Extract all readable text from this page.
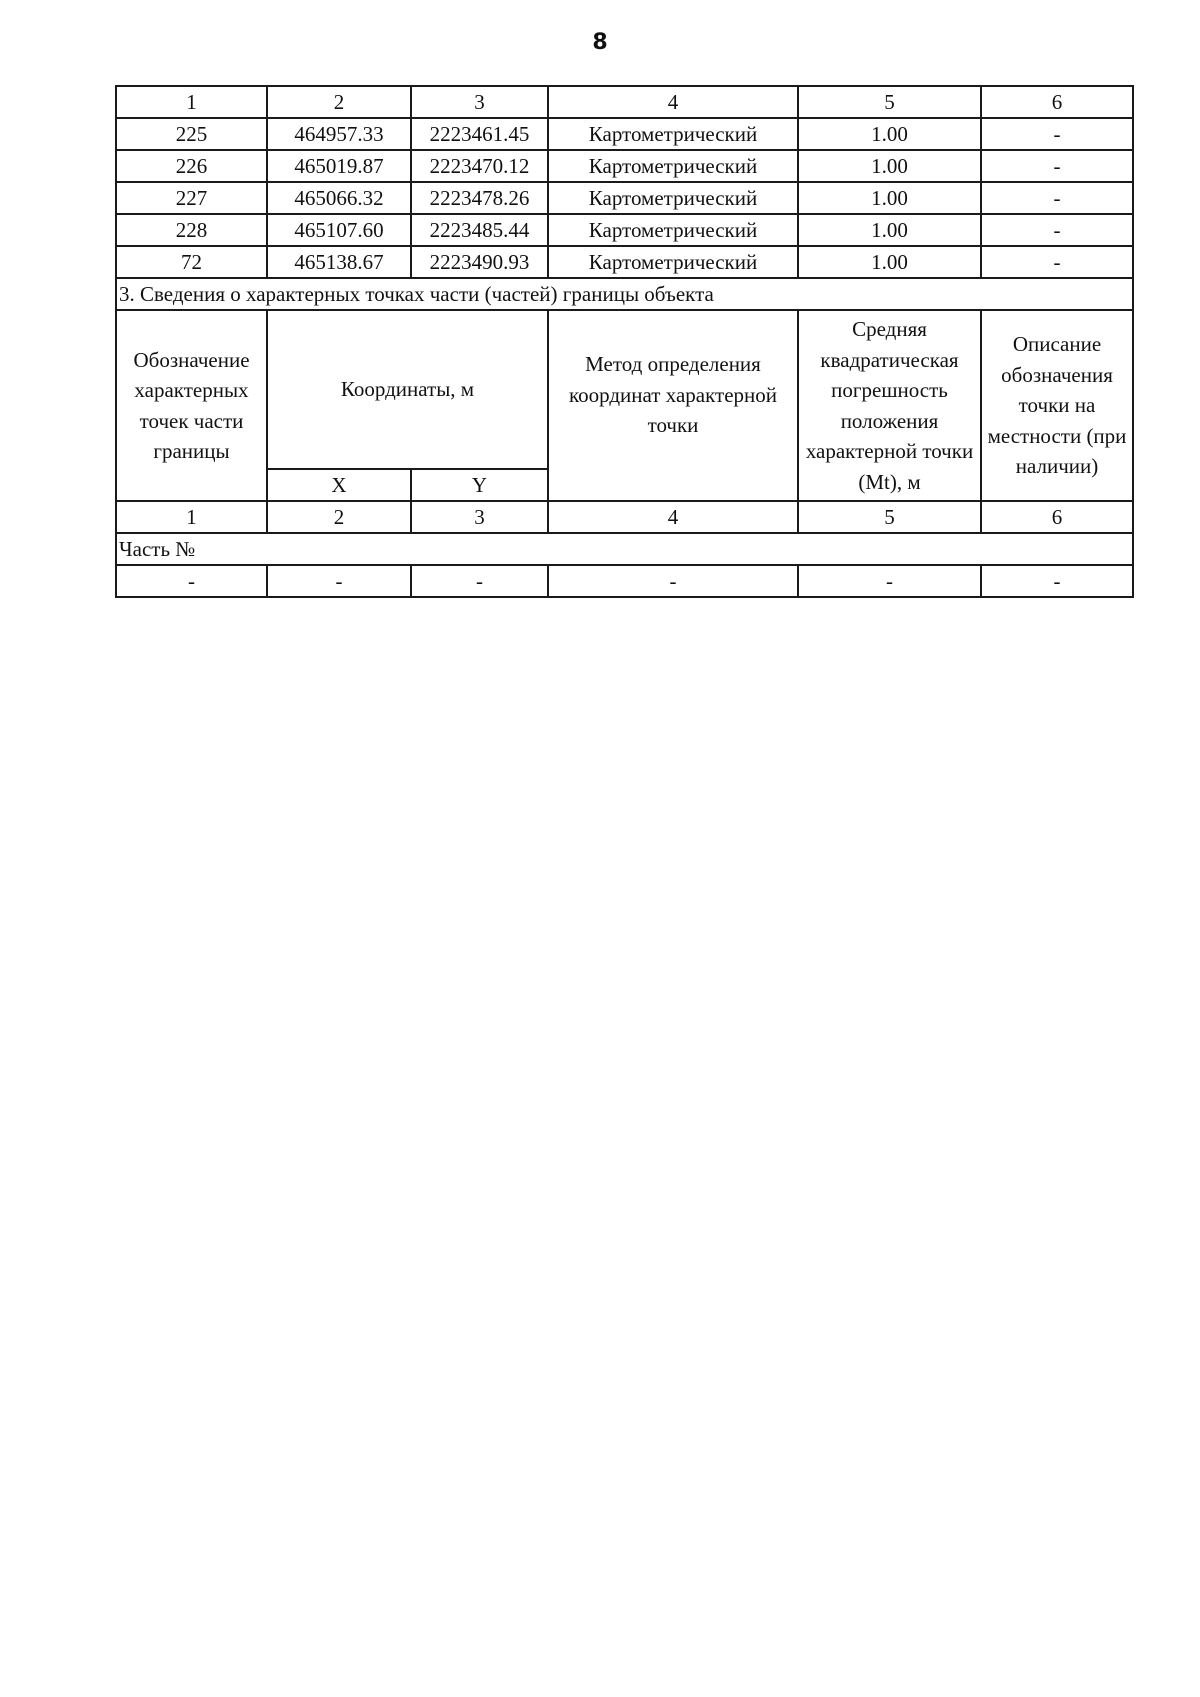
8
1	2	3	4	5	6
225	464957.33	2223461.45	Картометрический	1.00	-
226	465019.87	2223470.12	Картометрический	1.00	-
227	465066.32	2223478.26	Картометрический	1.00	-
228	465107.60	2223485.44	Картометрический	1.00	-
72	465138.67	2223490.93	Картометрический	1.00	-
3. Сведения о характерных точках части (частей) границы объекта					
Обозначение характерных точек части границы	Координаты, м		Метод определения координат характерной точки	Средняя квадратическая погрешность положения характерной точки (Mt), м	Описание обозначения точки на местности (при наличии)
	X	Y			
1	2	3	4	5	6
Часть №					
-	-	-	-	-	-
